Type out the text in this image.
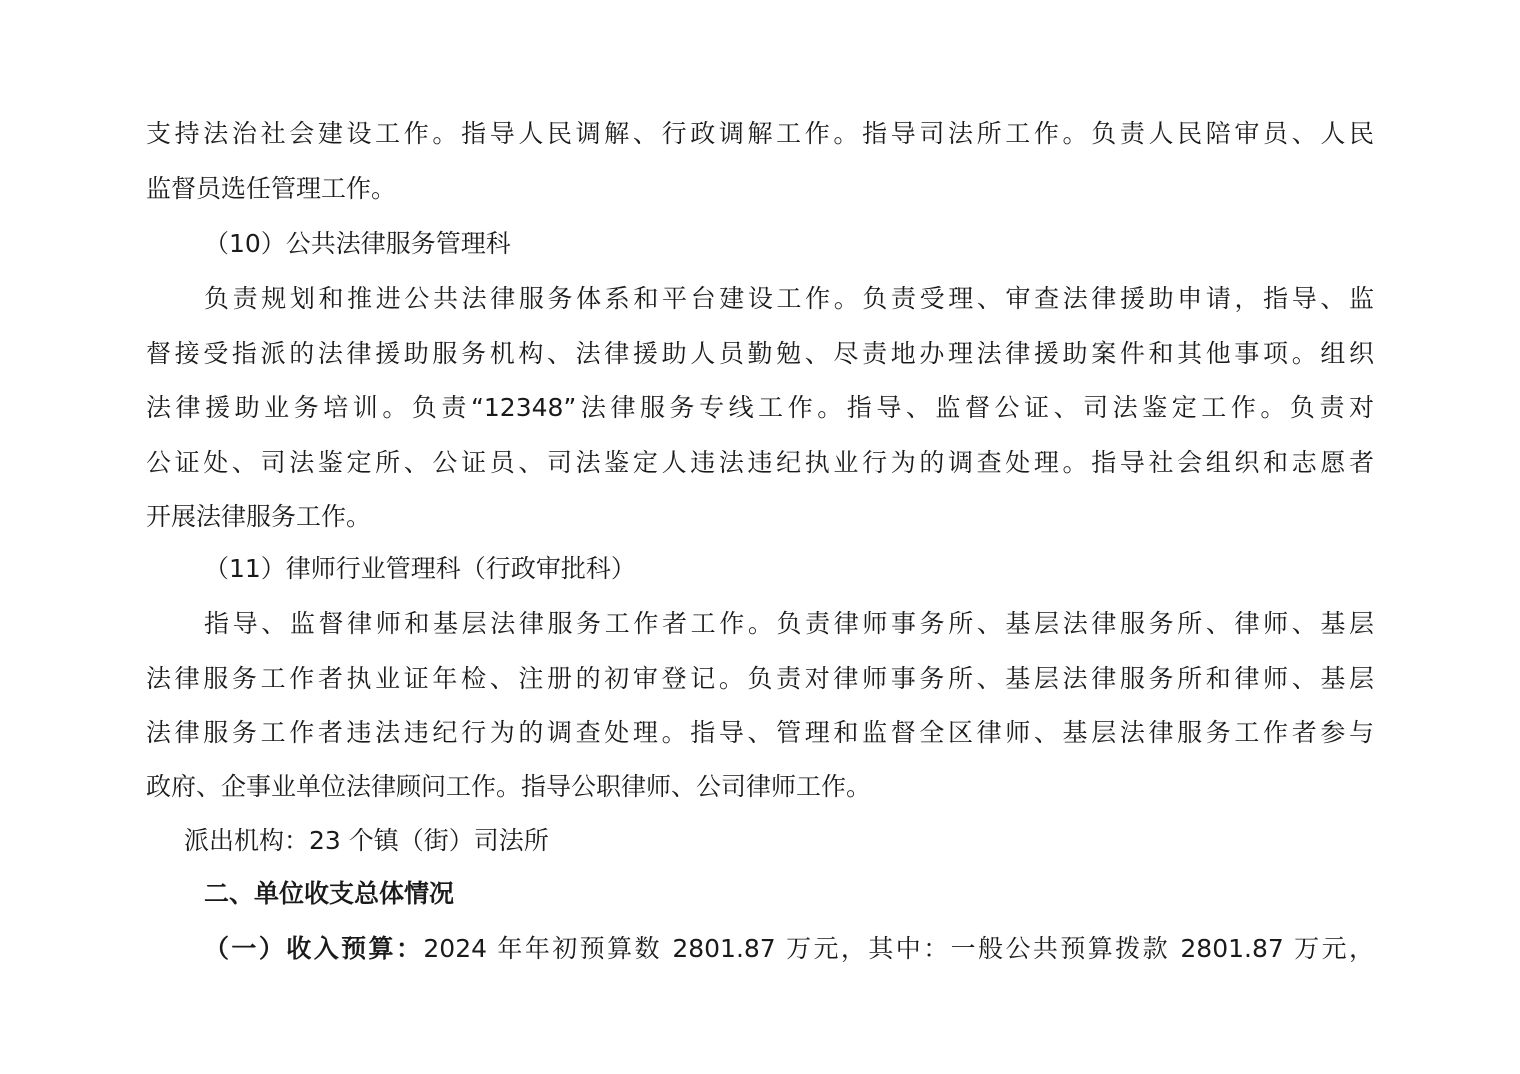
支持法治社会建设工作。指导人民调解、行政调解工作。指导司法所工作。负责人民陪审员、人民
监督员选任管理工作。
（10）公共法律服务管理科
负责规划和推进公共法律服务体系和平台建设工作。负责受理、审查法律援助申请，指导、监
督接受指派的法律援助服务机构、法律援助人员勤勉、尽责地办理法律援助案件和其他事项。组织
法律援助业务培训。负责“12348”法律服务专线工作。指导、监督公证、司法鉴定工作。负责对
公证处、司法鉴定所、公证员、司法鉴定人违法违纪执业行为的调查处理。指导社会组织和志愿者
开展法律服务工作。
（11）律师行业管理科（行政审批科）
指导、监督律师和基层法律服务工作者工作。负责律师事务所、基层法律服务所、律师、基层
法律服务工作者执业证年检、注册的初审登记。负责对律师事务所、基层法律服务所和律师、基层
法律服务工作者违法违纪行为的调查处理。指导、管理和监督全区律师、基层法律服务工作者参与
政府、企事业单位法律顾问工作。指导公职律师、公司律师工作。
派出机构：23 个镇（街）司法所
二、单位收支总体情况
（一）收入预算：2024 年年初预算数 2801.87 万元，其中：一般公共预算拨款 2801.87 万元，
